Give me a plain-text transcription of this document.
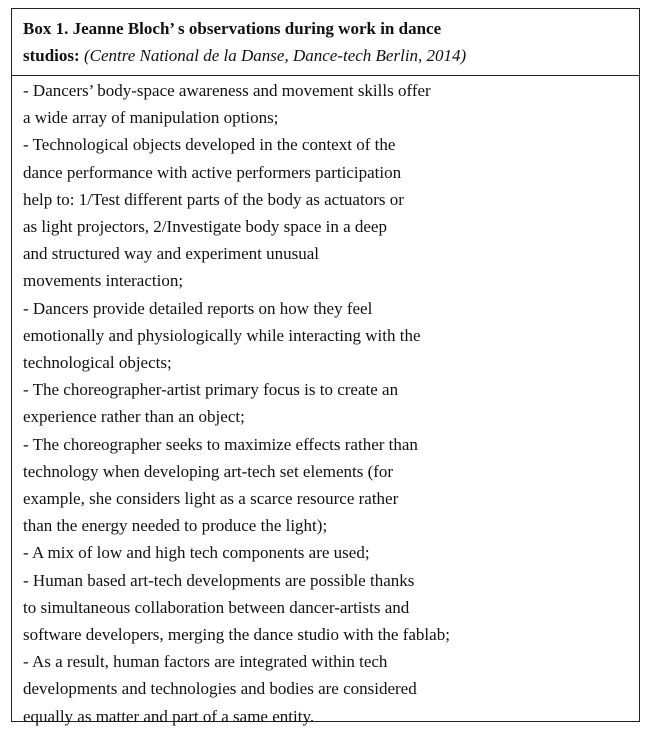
Box 1. Jeanne Bloch’ s observations during work in dance
studios: (Centre National de la Danse, Dance-tech Berlin, 2014)
- Dancers’ body-space awareness and movement skills offer
a wide array of manipulation options;
- Technological objects developed in the context of the
dance performance with active performers participation
help to: 1/Test different parts of the body as actuators or
as light projectors, 2/Investigate body space in a deep
and structured way and experiment unusual
movements interaction;
- Dancers provide detailed reports on how they feel
emotionally and physiologically while interacting with the
technological objects;
- The choreographer-artist primary focus is to create an
experience rather than an object;
- The choreographer seeks to maximize effects rather than
technology when developing art-tech set elements (for
example, she considers light as a scarce resource rather
than the energy needed to produce the light);
- A mix of low and high tech components are used;
- Human based art-tech developments are possible thanks
to simultaneous collaboration between dancer-artists and
software developers, merging the dance studio with the fablab;
- As a result, human factors are integrated within tech
developments and technologies and bodies are considered
equally as matter and part of a same entity.
